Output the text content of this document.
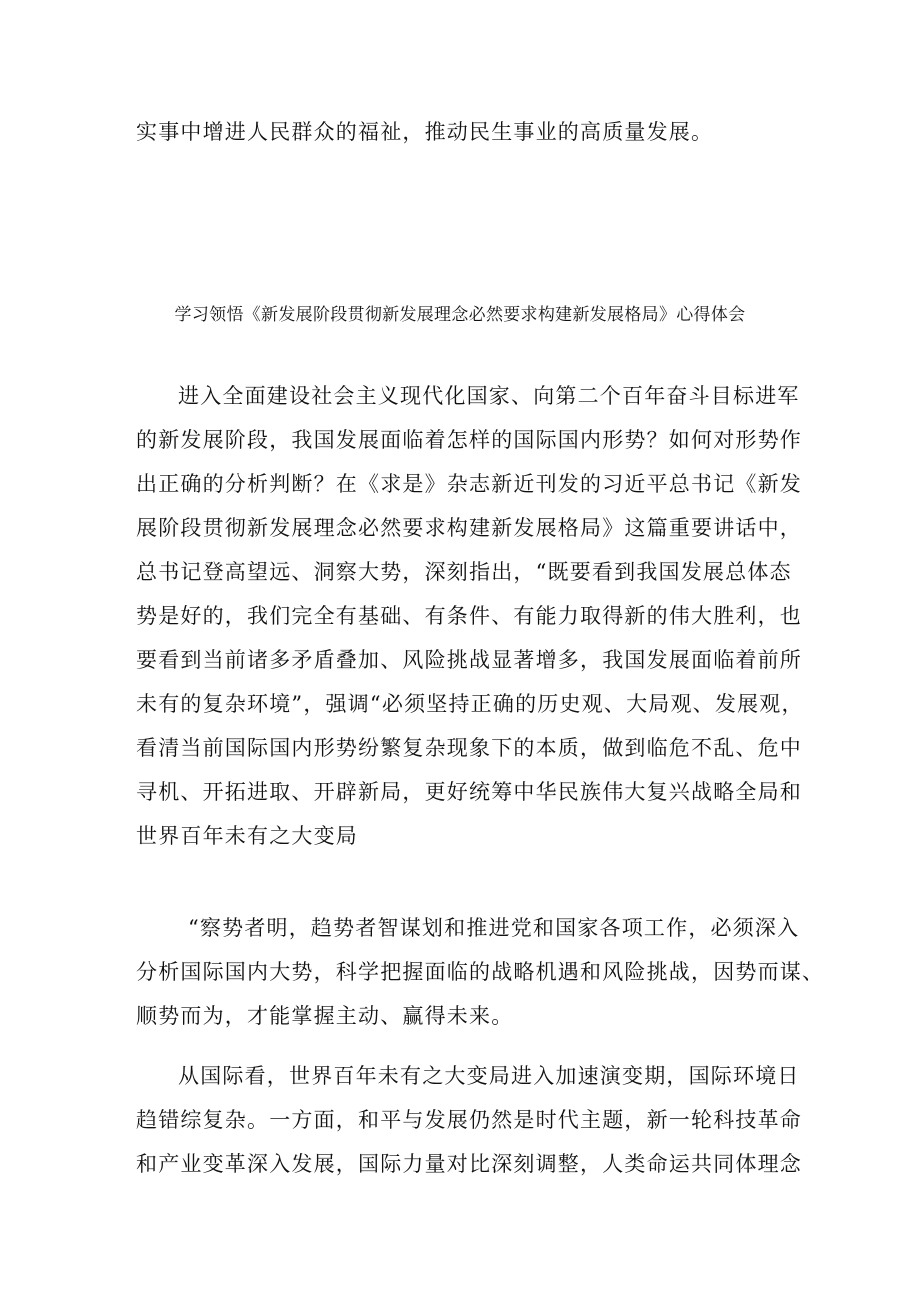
实事中增进人民群众的福祉，推动民生事业的高质量发展。
学习领悟《新发展阶段贯彻新发展理念必然要求构建新发展格局》心得体会
进入全面建设社会主义现代化国家、向第二个百年奋斗目标进军
的新发展阶段，我国发展面临着怎样的国际国内形势？如何对形势作
出正确的分析判断？在《求是》杂志新近刊发的习近平总书记《新发
展阶段贯彻新发展理念必然要求构建新发展格局》这篇重要讲话中，
总书记登高望远、洞察大势，深刻指出，“既要看到我国发展总体态
势是好的，我们完全有基础、有条件、有能力取得新的伟大胜利，也
要看到当前诸多矛盾叠加、风险挑战显著增多，我国发展面临着前所
未有的复杂环境”，强调“必须坚持正确的历史观、大局观、发展观，
看清当前国际国内形势纷繁复杂现象下的本质，做到临危不乱、危中
寻机、开拓进取、开辟新局，更好统筹中华民族伟大复兴战略全局和
世界百年未有之大变局
“察势者明，趋势者智谋划和推进党和国家各项工作，必须深入
分析国际国内大势，科学把握面临的战略机遇和风险挑战，因势而谋、
顺势而为，才能掌握主动、赢得未来。
从国际看，世界百年未有之大变局进入加速演变期，国际环境日
趋错综复杂。一方面，和平与发展仍然是时代主题，新一轮科技革命
和产业变革深入发展，国际力量对比深刻调整，人类命运共同体理念
